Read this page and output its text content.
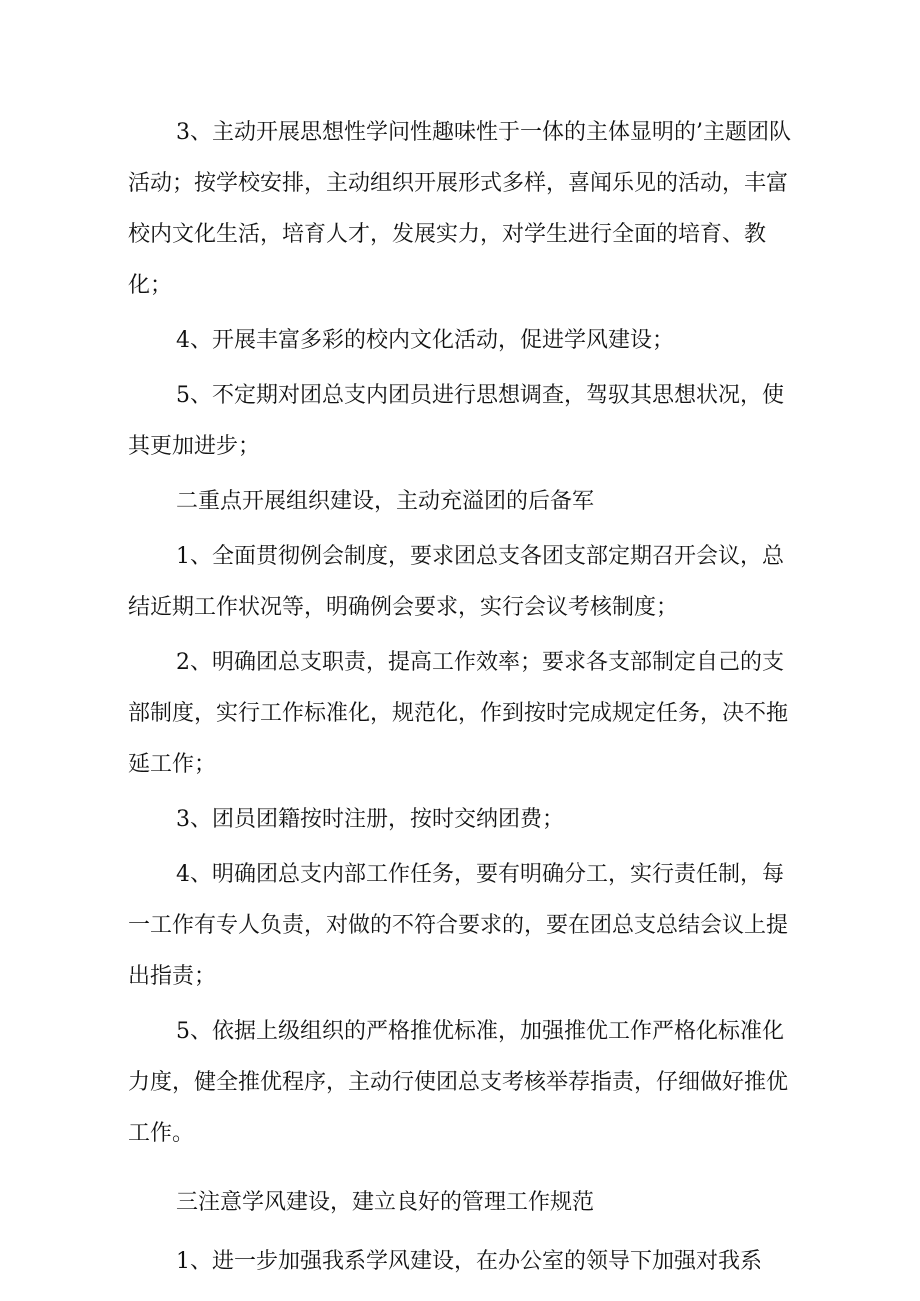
3、主动开展思想性学问性趣味性于一体的主体显明的’主题团队活动；按学校安排，主动组织开展形式多样，喜闻乐见的活动，丰富校内文化生活，培育人才，发展实力，对学生进行全面的培育、教化；

4、开展丰富多彩的校内文化活动，促进学风建设；

5、不定期对团总支内团员进行思想调查，驾驭其思想状况，使其更加进步；

二重点开展组织建设，主动充溢团的后备军

1、全面贯彻例会制度，要求团总支各团支部定期召开会议，总结近期工作状况等，明确例会要求，实行会议考核制度；

2、明确团总支职责，提高工作效率；要求各支部制定自己的支部制度，实行工作标准化，规范化，作到按时完成规定任务，决不拖延工作；

3、团员团籍按时注册，按时交纳团费；

4、明确团总支内部工作任务，要有明确分工，实行责任制，每一工作有专人负责，对做的不符合要求的，要在团总支总结会议上提出指责；

5、依据上级组织的严格推优标准，加强推优工作严格化标准化力度，健全推优程序，主动行使团总支考核举荐指责，仔细做好推优工作。

三注意学风建设，建立良好的管理工作规范

1、进一步加强我系学风建设，在办公室的领导下加强对我系
